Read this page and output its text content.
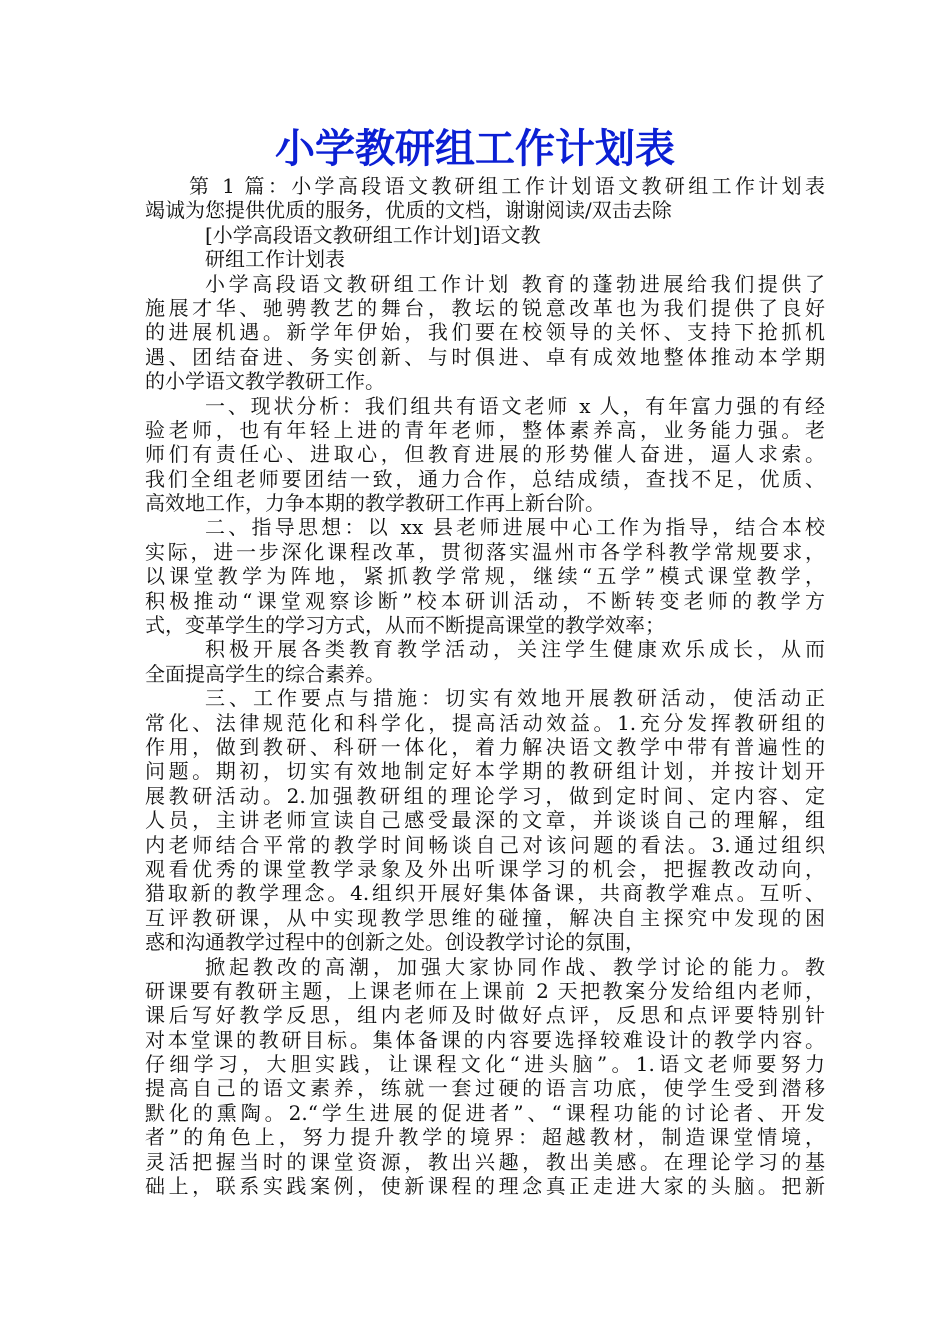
小学教研组工作计划表
第 1 篇：小学高段语文教研组工作计划语文教研组工作计划表
竭诚为您提供优质的服务，优质的文档，谢谢阅读/双击去除
[小学高段语文教研组工作计划]语文教
研组工作计划表
小学高段语文教研组工作计划 教育的蓬勃进展给我们提供了
施展才华、驰骋教艺的舞台，教坛的锐意改革也为我们提供了良好
的进展机遇。新学年伊始，我们要在校领导的关怀、支持下抢抓机
遇、团结奋进、务实创新、与时俱进、卓有成效地整体推动本学期
的小学语文教学教研工作。
一、现状分析：我们组共有语文老师 x 人，有年富力强的有经
验老师，也有年轻上进的青年老师，整体素养高，业务能力强。老
师们有责任心、进取心，但教育进展的形势催人奋进，逼人求索。
我们全组老师要团结一致，通力合作，总结成绩，查找不足，优质、
高效地工作，力争本期的教学教研工作再上新台阶。
二、指导思想：以 xx 县老师进展中心工作为指导，结合本校
实际，进一步深化课程改革，贯彻落实温州市各学科教学常规要求，
以课堂教学为阵地，紧抓教学常规，继续“五学”模式课堂教学，
积极推动“课堂观察诊断”校本研训活动，不断转变老师的教学方
式，变革学生的学习方式，从而不断提高课堂的教学效率；
积极开展各类教育教学活动，关注学生健康欢乐成长，从而
全面提高学生的综合素养。
三、工作要点与措施：切实有效地开展教研活动，使活动正
常化、法律规范化和科学化，提高活动效益。1.充分发挥教研组的
作用，做到教研、科研一体化，着力解决语文教学中带有普遍性的
问题。期初，切实有效地制定好本学期的教研组计划，并按计划开
展教研活动。2.加强教研组的理论学习，做到定时间、定内容、定
人员，主讲老师宣读自己感受最深的文章，并谈谈自己的理解，组
内老师结合平常的教学时间畅谈自己对该问题的看法。3.通过组织
观看优秀的课堂教学录象及外出听课学习的机会，把握教改动向，
猎取新的教学理念。4.组织开展好集体备课，共商教学难点。互听、
互评教研课，从中实现教学思维的碰撞，解决自主探究中发现的困
惑和沟通教学过程中的创新之处。创设教学讨论的氛围，
掀起教改的高潮，加强大家协同作战、教学讨论的能力。教
研课要有教研主题，上课老师在上课前 2 天把教案分发给组内老师，
课后写好教学反思，组内老师及时做好点评，反思和点评要特别针
对本堂课的教研目标。集体备课的内容要选择较难设计的教学内容。
仔细学习，大胆实践，让课程文化“进头脑”。1.语文老师要努力
提高自己的语文素养，练就一套过硬的语言功底，使学生受到潜移
默化的熏陶。2.“学生进展的促进者”、“课程功能的讨论者、开发
者”的角色上，努力提升教学的境界：超越教材，制造课堂情境，
灵活把握当时的课堂资源，教出兴趣，教出美感。在理论学习的基
础上，联系实践案例，使新课程的理念真正走进大家的头脑。把新
